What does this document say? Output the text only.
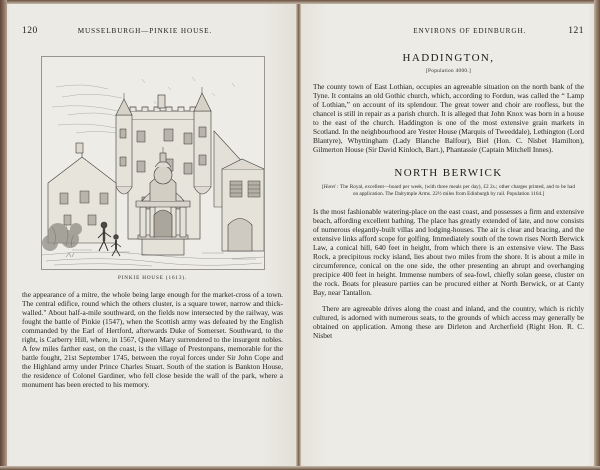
120	MUSSELBURGH—PINKIE HOUSE.
PINKIE HOUSE (1613).

the appearance of a mitre, the whole being large enough for the market-cross of a town. The central edifice, round which the others cluster, is a square tower, narrow and thick-walled." About half-a-mile southward, on the fields now intersected by the railway, was fought the battle of Pinkie (1547), when the Scottish army was defeated by the English commanded by the Earl of Hertford, afterwards Duke of Somerset. Southward, to the right, is Carberry Hill, where, in 1567, Queen Mary surrendered to the insurgent nobles. A few miles farther east, on the coast, is the village of Prestonpans, memorable for the battle fought, 21st September 1745, between the royal forces under Sir John Cope and the Highland army under Prince Charles Stuart. South of the station is Bankton House, the residence of Colonel Gardiner, who fell close beside the wall of the park, where a monument has been erected to his memory.

ENVIRONS OF EDINBURGH.	121
HADDINGTON,
[Population 4000.]

The county town of East Lothian, occupies an agreeable situation on the north bank of the Tyne. It contains an old Gothic church, which, according to Fordun, was called the “ Lamp of Lothian,” on account of its splendour. The great tower and choir are roofless, but the chancel is still in repair as a parish church. It is alleged that John Knox was born in a house to the east of the church. Haddington is one of the most extensive grain markets in Scotland. In the neighbourhood are Yester House (Marquis of Tweeddale), Lethington (Lord Blantyre), Whyttingham (Lady Blanche Balfour), Biel (Hon. C. Nisbet Hamilton), Gilmerton House (Sir David Kinloch, Bart.), Phantassie (Captain Mitchell Innes).

NORTH BERWICK
[Hotel : The Royal, excellent—board per week, (with three meals per day), £2 2s.; other charges printed, and to be had on application. The Dalrymple Arms. 22½ miles from Edinburgh by rail. Population 1164.]

Is the most fashionable watering-place on the east coast, and possesses a firm and extensive beach, affording excellent bathing. The place has greatly extended of late, and now consists of numerous elegantly-built villas and lodging-houses. The air is clear and bracing, and the extensive links afford scope for golfing. Immediately south of the town rises North Berwick Law, a conical hill, 640 feet in height, from which there is an extensive view. The Bass Rock, a precipitous rocky island, lies about two miles from the shore. It is about a mile in circumference, conical on the one side, the other presenting an abrupt and overhanging precipice 400 feet in height. Immense numbers of sea-fowl, chiefly solan geese, cluster on the rock. Boats for pleasure parties can be procured either at North Berwick, or at Canty Bay, near Tantallon.

There are agreeable drives along the coast and inland, and the country, which is richly cultured, is adorned with numerous seats, to the grounds of which access may generally be obtained on application. Among these are Dirleton and Archerfield (Right Hon. R. C. Nisbet
